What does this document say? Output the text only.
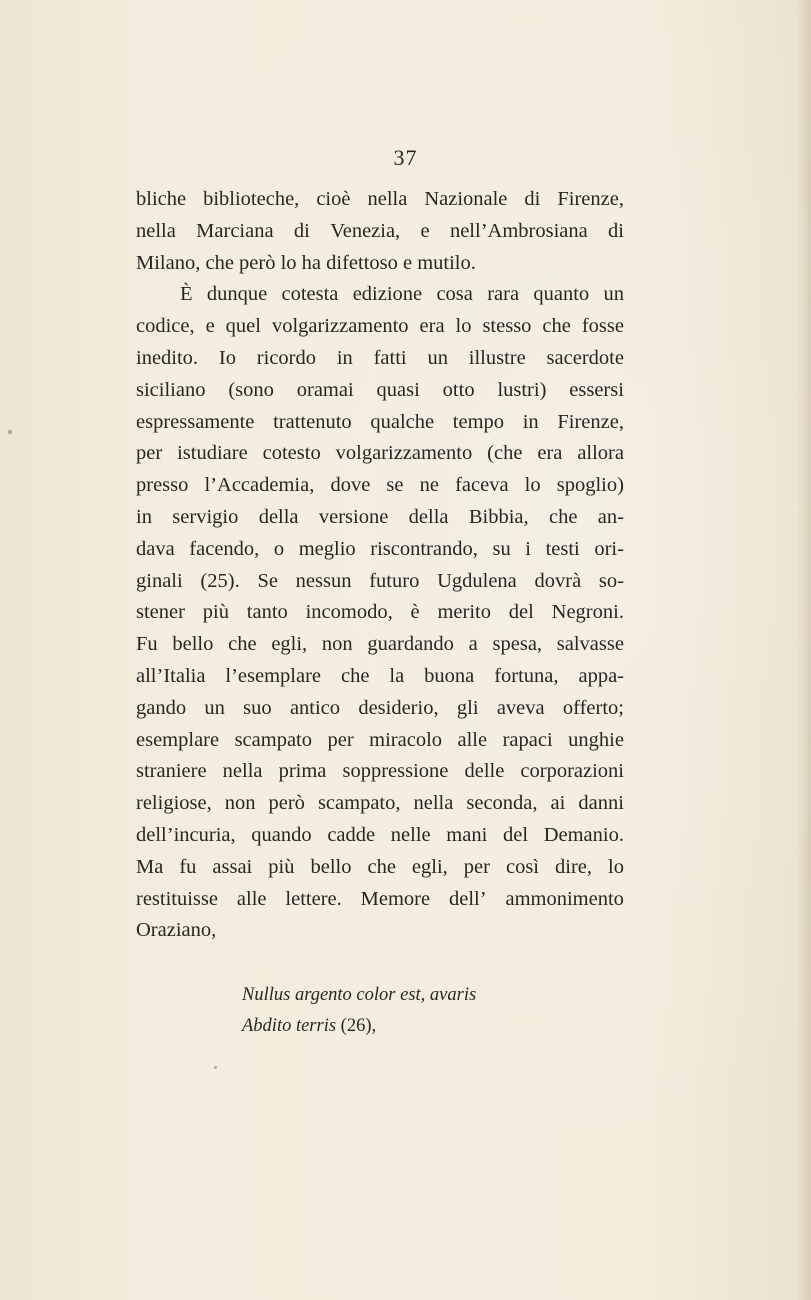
37
bliche biblioteche, cioè nella Nazionale di Firenze,
nella Marciana di Venezia, e nell’Ambrosiana di
Milano, che però lo ha difettoso e mutilo.
È dunque cotesta edizione cosa rara quanto un
codice, e quel volgarizzamento era lo stesso che fosse
inedito. Io ricordo in fatti un illustre sacerdote
siciliano (sono oramai quasi otto lustri) essersi
espressamente trattenuto qualche tempo in Firenze,
per istudiare cotesto volgarizzamento (che era allora
presso l’Accademia, dove se ne faceva lo spoglio)
in servigio della versione della Bibbia, che an-
dava facendo, o meglio riscontrando, su i testi ori-
ginali (25). Se nessun futuro Ugdulena dovrà so-
stener più tanto incomodo, è merito del Negroni.
Fu bello che egli, non guardando a spesa, salvasse
all’Italia l’esemplare che la buona fortuna, appa-
gando un suo antico desiderio, gli aveva offerto;
esemplare scampato per miracolo alle rapaci unghie
straniere nella prima soppressione delle corporazioni
religiose, non però scampato, nella seconda, ai danni
dell’incuria, quando cadde nelle mani del Demanio.
Ma fu assai più bello che egli, per così dire, lo
restituisse alle lettere. Memore dell’ ammonimento
Oraziano,
Nullus argento color est, avaris
Abdito terris (26),
